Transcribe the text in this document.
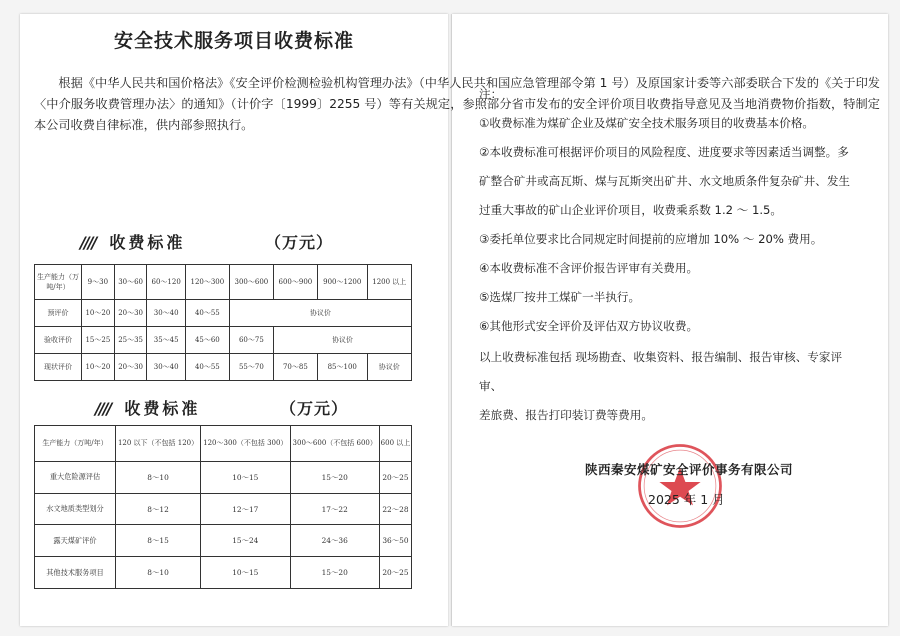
安全技术服务项目收费标准

根据《中华人民共和国价格法》《安全评价检测检验机构管理办法》（中华人民共和国应急管理部令第 1 号）及原国家计委等六部委联合下发的《关于印发〈中介服务收费管理办法〉的通知》（计价字〔1999〕2255 号）等有关规定，参照部分省市发布的安全评价项目收费指导意见及当地消费物价指数，特制定本公司收费自律标准，供内部参照执行。

//// 收费标准	（万元）
生产能力（万吨/年）	9～30	30～60	60～120	120～300	300～600	600～900	900～1200	1200 以上
预评价	10～20	20～30	30～40	40～55	协议价			
验收评价	15～25	25～35	35～45	45～60	60～75	协议价		
现状评价	10～20	20～30	30～40	40～55	55～70	70～85	85～100	协议价
//// 收费标准	（万元）
生产能力（万吨/年）	120 以下（不包括 120）	120～300（不包括 300）	300～600（不包括 600）	600 以上
重大危险源评估	8～10	10～15	15～20	20～25
水文地质类型划分	8～12	12～17	17～22	22～28
露天煤矿评价	8～15	15～24	24～36	36～50
其他技术服务项目	8～10	10～15	15～20	20～25
注：
①收费标准为煤矿企业及煤矿安全技术服务项目的收费基本价格。
②本收费标准可根据评价项目的风险程度、进度要求等因素适当调整。多
矿整合矿井或高瓦斯、煤与瓦斯突出矿井、水文地质条件复杂矿井、发生
过重大事故的矿山企业评价项目，收费乘系数 1.2 ～ 1.5。
③委托单位要求比合同规定时间提前的应增加 10% ～ 20% 费用。
④本收费标准不含评价报告评审有关费用。
⑤选煤厂按井工煤矿一半执行。
⑥其他形式安全评价及评估双方协议收费。
以上收费标准包括 现场勘查、收集资料、报告编制、报告审核、专家评审、
差旅费、报告打印装订费等费用。
陕西秦安煤矿安全评价事务有限公司
2025 年 1 月
